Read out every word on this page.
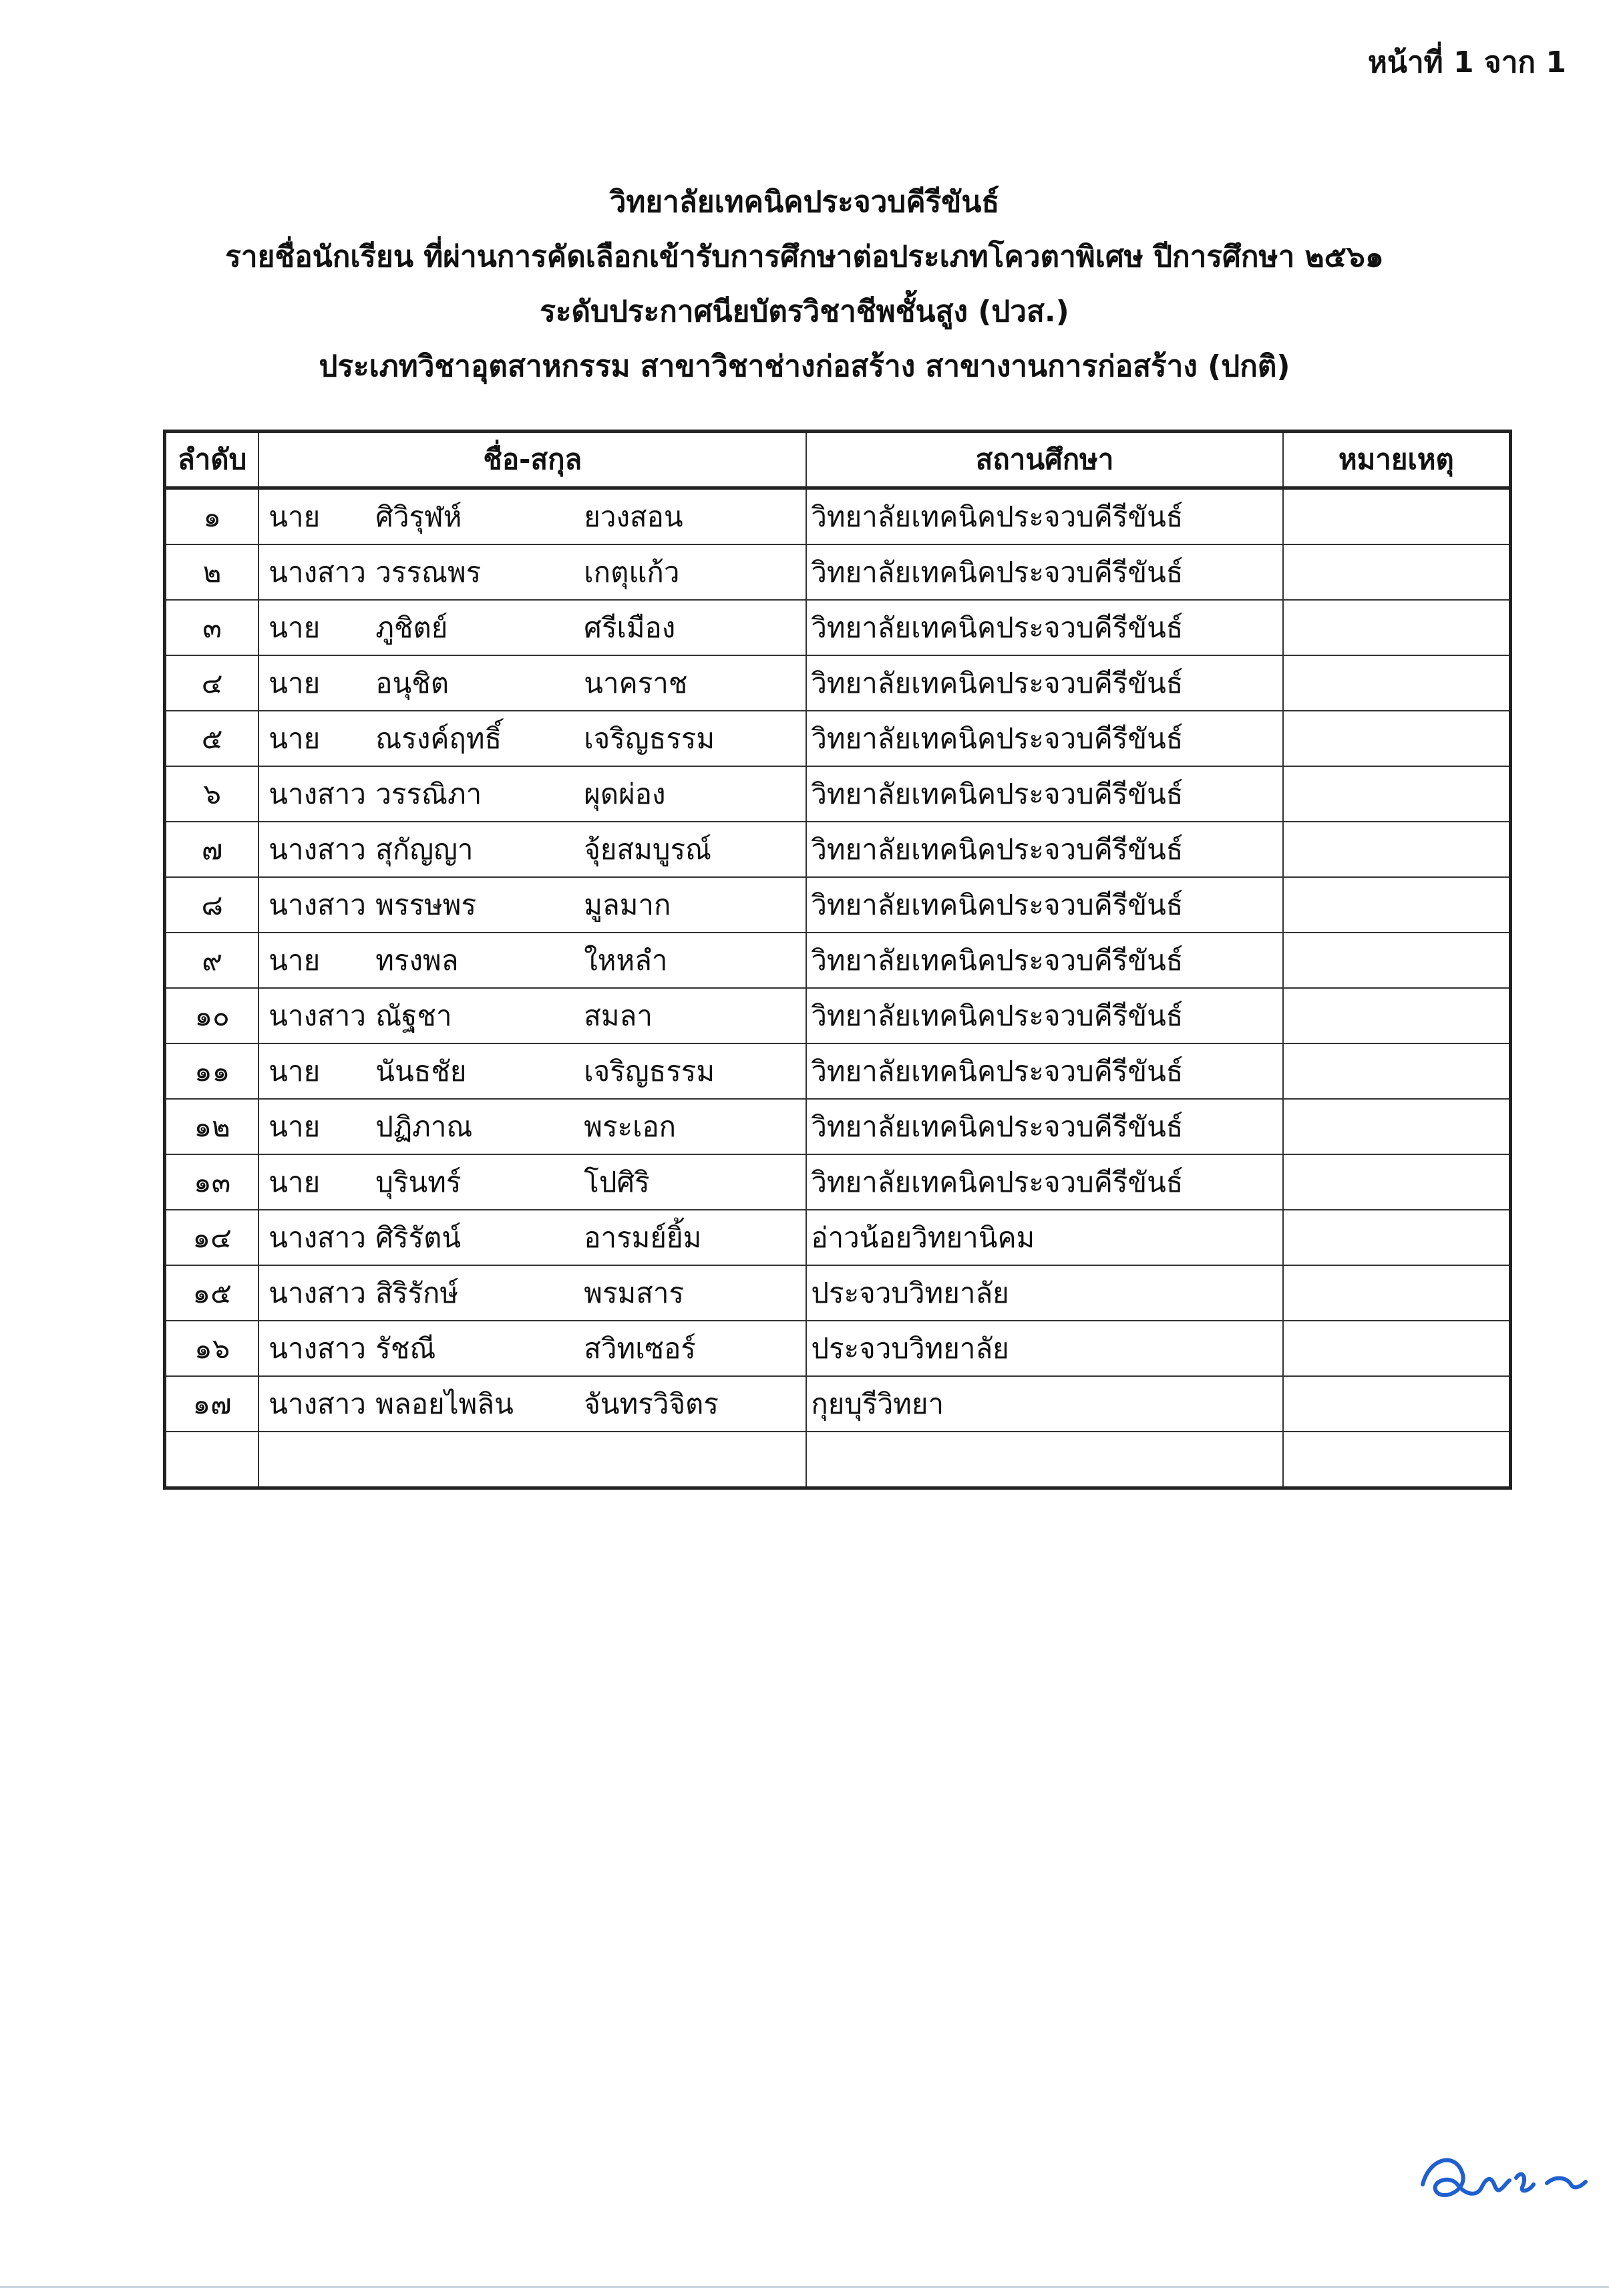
หน้าที่ 1 จาก 1
วิทยาลัยเทคนิคประจวบคีรีขันธ์
รายชื่อนักเรียน ที่ผ่านการคัดเลือกเข้ารับการศึกษาต่อประเภทโควตาพิเศษ ปีการศึกษา ๒๕๖๑
ระดับประกาศนียบัตรวิชาชีพชั้นสูง (ปวส.)
ประเภทวิชาอุตสาหกรรม สาขาวิชาช่างก่อสร้าง สาขางานการก่อสร้าง (ปกติ)
ลำดับ	ชื่อ-สกุล	สถานศึกษา	หมายเหตุ
๑	นาย ศิวิรุฬห์ ยวงสอน	วิทยาลัยเทคนิคประจวบคีรีขันธ์	
๒	นางสาว วรรณพร เกตุแก้ว	วิทยาลัยเทคนิคประจวบคีรีขันธ์	
๓	นาย ภูชิตย์ ศรีเมือง	วิทยาลัยเทคนิคประจวบคีรีขันธ์	
๔	นาย อนุชิต นาคราช	วิทยาลัยเทคนิคประจวบคีรีขันธ์	
๕	นาย ณรงค์ฤทธิ์ เจริญธรรม	วิทยาลัยเทคนิคประจวบคีรีขันธ์	
๖	นางสาว วรรณิภา ผุดผ่อง	วิทยาลัยเทคนิคประจวบคีรีขันธ์	
๗	นางสาว สุกัญญา จุ้ยสมบูรณ์	วิทยาลัยเทคนิคประจวบคีรีขันธ์	
๘	นางสาว พรรษพร มูลมาก	วิทยาลัยเทคนิคประจวบคีรีขันธ์	
๙	นาย ทรงพล ใหหลำ	วิทยาลัยเทคนิคประจวบคีรีขันธ์	
๑๐	นางสาว ณัฐชา สมลา	วิทยาลัยเทคนิคประจวบคีรีขันธ์	
๑๑	นาย นันธชัย เจริญธรรม	วิทยาลัยเทคนิคประจวบคีรีขันธ์	
๑๒	นาย ปฏิภาณ พระเอก	วิทยาลัยเทคนิคประจวบคีรีขันธ์	
๑๓	นาย บุรินทร์ โปศิริ	วิทยาลัยเทคนิคประจวบคีรีขันธ์	
๑๔	นางสาว ศิริรัตน์ อารมย์ยิ้ม	อ่าวน้อยวิทยานิคม	
๑๕	นางสาว สิริรักษ์ พรมสาร	ประจวบวิทยาลัย	
๑๖	นางสาว รัชณี สวิทเซอร์	ประจวบวิทยาลัย	
๑๗	นางสาว พลอยไพลิน จันทรวิจิตร	กุยบุรีวิทยา	
